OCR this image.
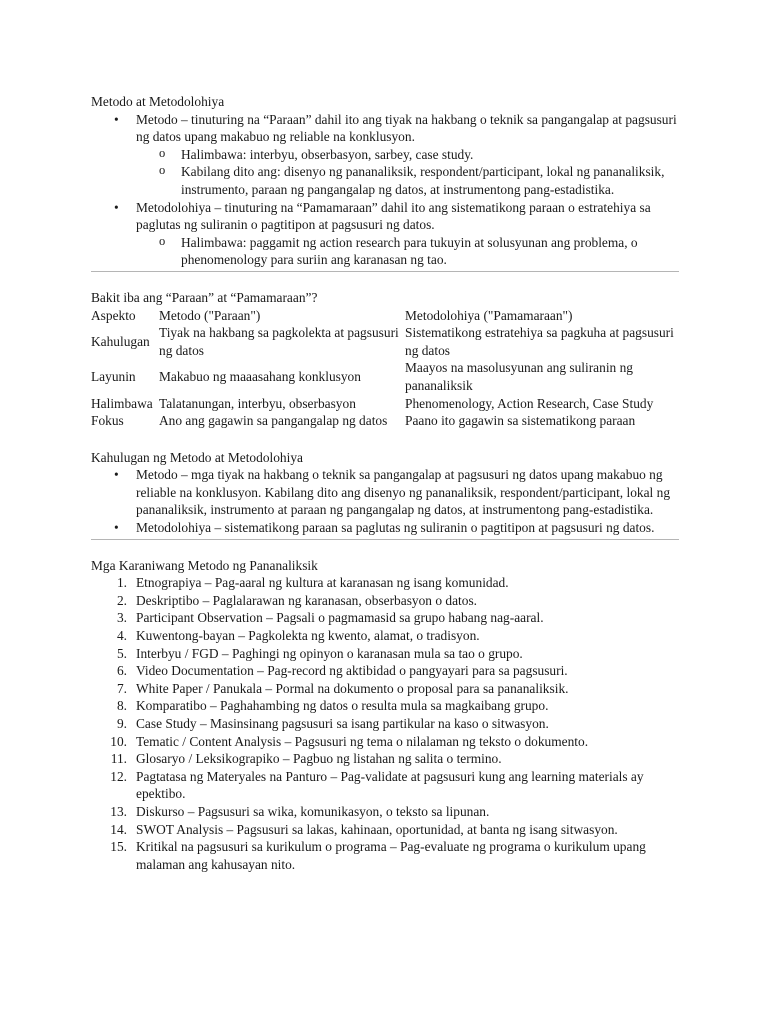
Metodo at Metodolohiya

• Metodo – tinuturing na “Paraan” dahil ito ang tiyak na hakbang o teknik sa pangangalap at pagsusuri ng datos upang makabuo ng reliable na konklusyon.
o Halimbawa: interbyu, obserbasyon, sarbey, case study.
o Kabilang dito ang: disenyo ng pananaliksik, respondent/participant, lokal ng pananaliksik, instrumento, paraan ng pangangalap ng datos, at instrumentong pang-estadistika.
• Metodolohiya – tinuturing na “Pamamaraan” dahil ito ang sistematikong paraan o estratehiya sa paglutas ng suliranin o pagtitipon at pagsusuri ng datos.
o Halimbawa: paggamit ng action research para tukuyin at solusyunan ang problema, o phenomenology para suriin ang karanasan ng tao.

Bakit iba ang “Paraan” at “Pamamaraan”?

Aspekto	Metodo ("Paraan")	Metodolohiya ("Pamamaraan")
Kahulugan	Tiyak na hakbang sa pagkolekta at pagsusuri ng datos	Sistematikong estratehiya sa pagkuha at pagsusuri ng datos
Layunin	Makabuo ng maaasahang konklusyon	Maayos na masolusyunan ang suliranin ng pananaliksik
Halimbawa	Talatanungan, interbyu, obserbasyon	Phenomenology, Action Research, Case Study
Fokus	Ano ang gagawin sa pangangalap ng datos	Paano ito gagawin sa sistematikong paraan

Kahulugan ng Metodo at Metodolohiya

• Metodo – mga tiyak na hakbang o teknik sa pangangalap at pagsusuri ng datos upang makabuo ng reliable na konklusyon. Kabilang dito ang disenyo ng pananaliksik, respondent/participant, lokal ng pananaliksik, instrumento at paraan ng pangangalap ng datos, at instrumentong pang-estadistika.
• Metodolohiya – sistematikong paraan sa paglutas ng suliranin o pagtitipon at pagsusuri ng datos.

Mga Karaniwang Metodo ng Pananaliksik

1. Etnograpiya – Pag-aaral ng kultura at karanasan ng isang komunidad.
2. Deskriptibo – Paglalarawan ng karanasan, obserbasyon o datos.
3. Participant Observation – Pagsali o pagmamasid sa grupo habang nag-aaral.
4. Kuwentong-bayan – Pagkolekta ng kwento, alamat, o tradisyon.
5. Interbyu / FGD – Paghingi ng opinyon o karanasan mula sa tao o grupo.
6. Video Documentation – Pag-record ng aktibidad o pangyayari para sa pagsusuri.
7. White Paper / Panukala – Pormal na dokumento o proposal para sa pananaliksik.
8. Komparatibo – Paghahambing ng datos o resulta mula sa magkaibang grupo.
9. Case Study – Masinsinang pagsusuri sa isang partikular na kaso o sitwasyon.
10. Tematic / Content Analysis – Pagsusuri ng tema o nilalaman ng teksto o dokumento.
11. Glosaryo / Leksikograpiko – Pagbuo ng listahan ng salita o termino.
12. Pagtatasa ng Materyales na Panturo – Pag-validate at pagsusuri kung ang learning materials ay epektibo.
13. Diskurso – Pagsusuri sa wika, komunikasyon, o teksto sa lipunan.
14. SWOT Analysis – Pagsusuri sa lakas, kahinaan, oportunidad, at banta ng isang sitwasyon.
15. Kritikal na pagsusuri sa kurikulum o programa – Pag-evaluate ng programa o kurikulum upang malaman ang kahusayan nito.
